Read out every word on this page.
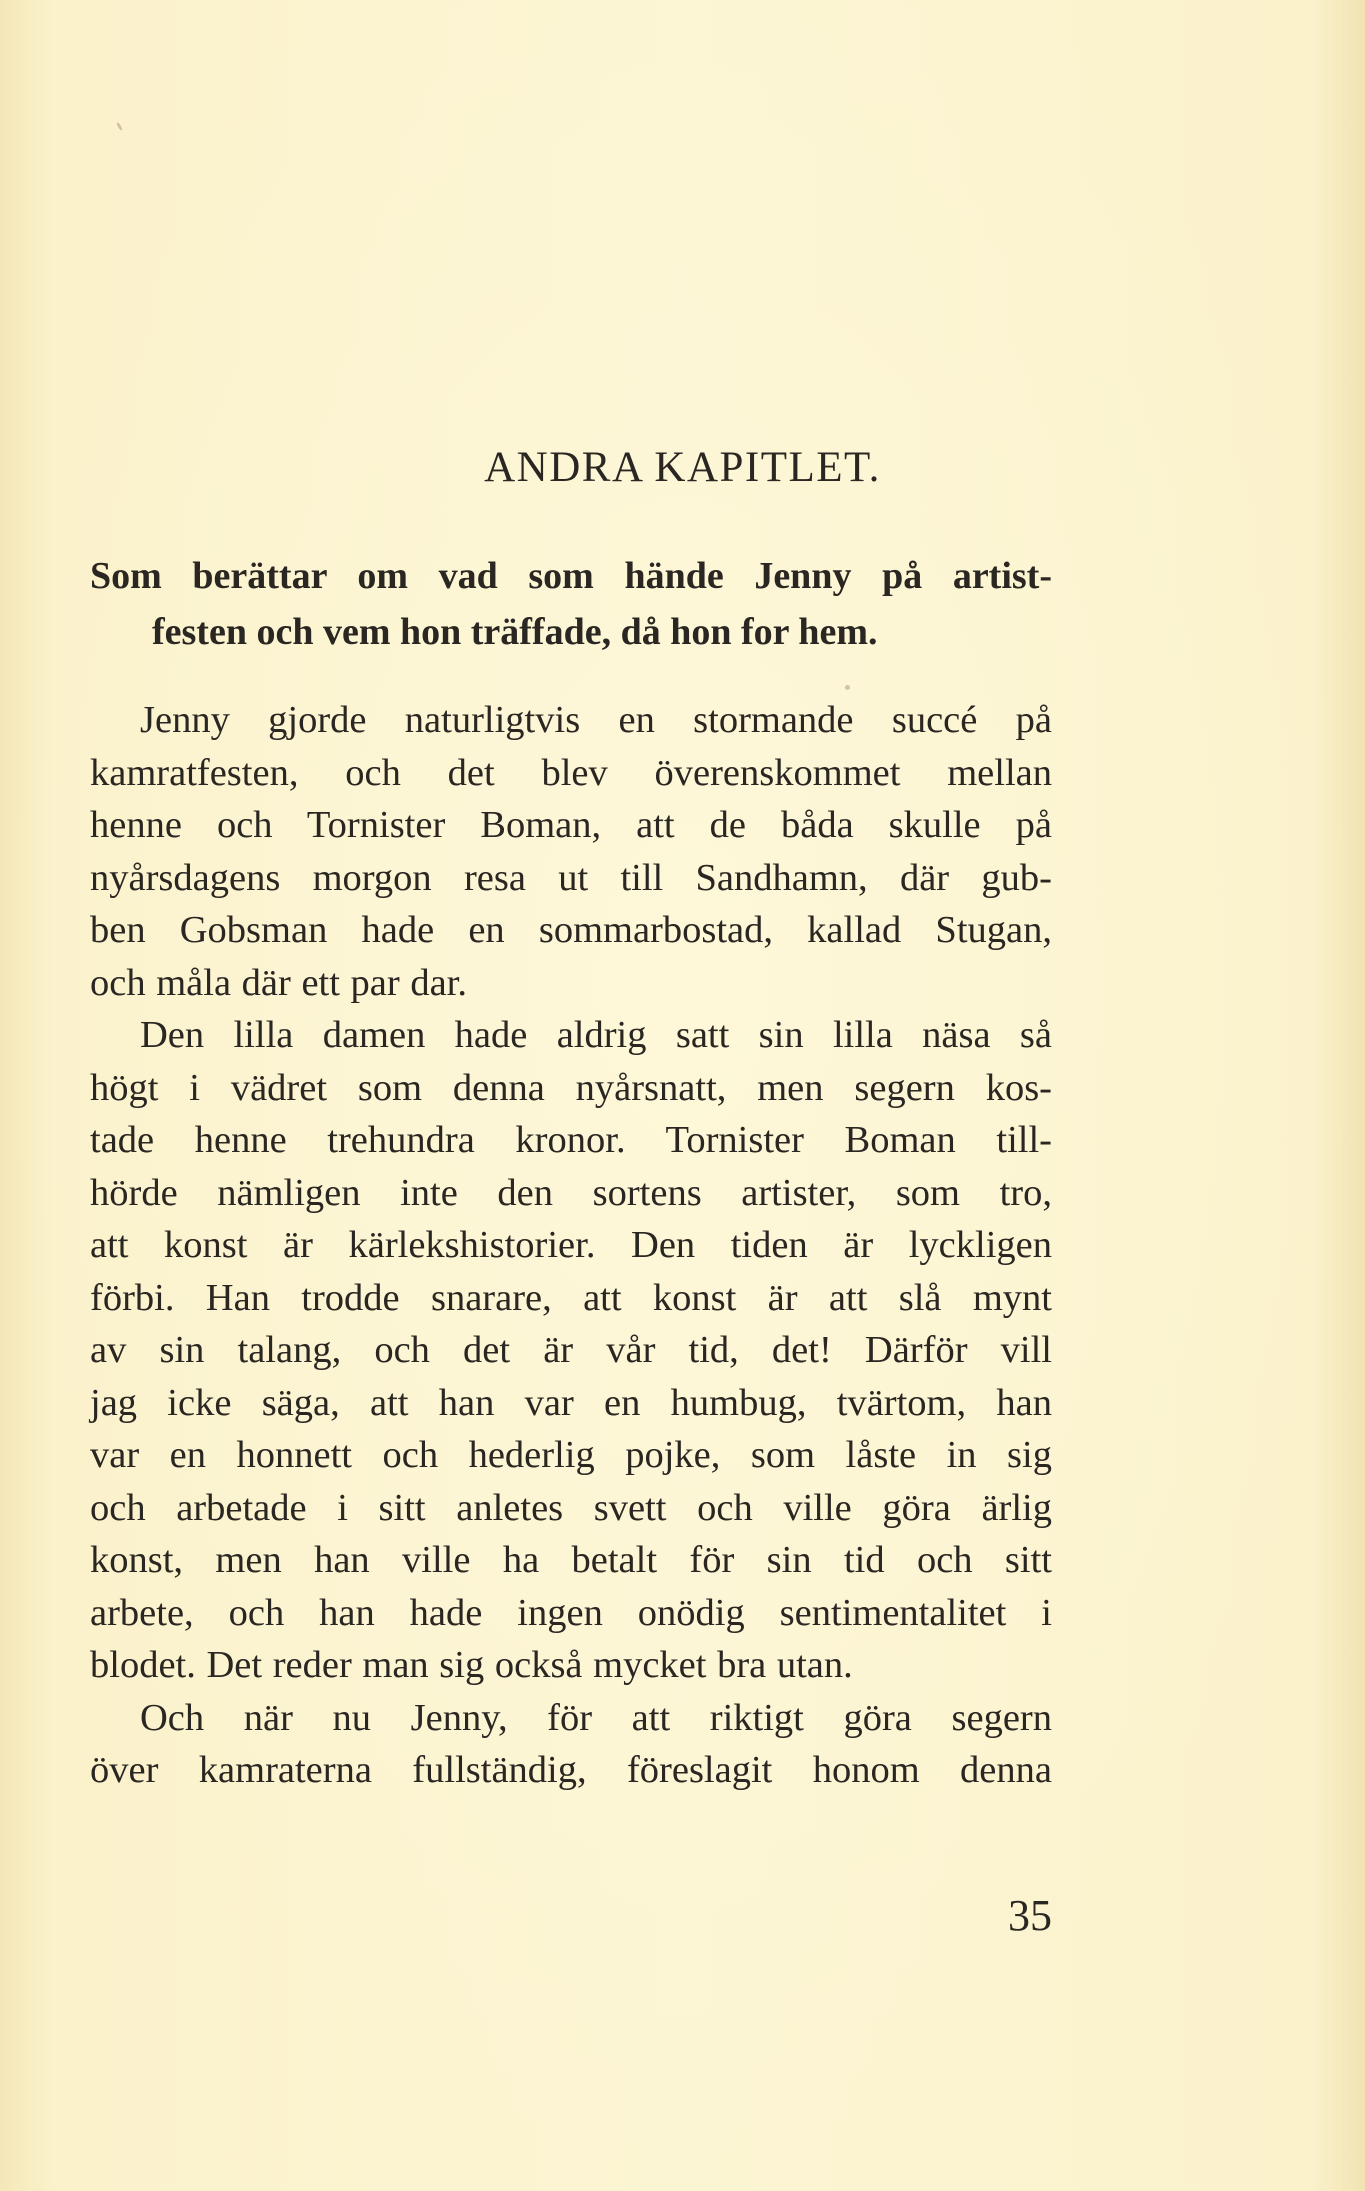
ANDRA KAPITLET.

Som berättar om vad som hände Jenny på artist-
festen och vem hon träffade, då hon for hem.

Jenny gjorde naturligtvis en stormande succé på
kamratfesten, och det blev överenskommet mellan
henne och Tornister Boman, att de båda skulle på
nyårsdagens morgon resa ut till Sandhamn, där gub-
ben Gobsman hade en sommarbostad, kallad Stugan,
och måla där ett par dar.
Den lilla damen hade aldrig satt sin lilla näsa så
högt i vädret som denna nyårsnatt, men segern kos-
tade henne trehundra kronor. Tornister Boman till-
hörde nämligen inte den sortens artister, som tro,
att konst är kärlekshistorier. Den tiden är lyckligen
förbi. Han trodde snarare, att konst är att slå mynt
av sin talang, och det är vår tid, det! Därför vill
jag icke säga, att han var en humbug, tvärtom, han
var en honnett och hederlig pojke, som låste in sig
och arbetade i sitt anletes svett och ville göra ärlig
konst, men han ville ha betalt för sin tid och sitt
arbete, och han hade ingen onödig sentimentalitet i
blodet. Det reder man sig också mycket bra utan.
Och när nu Jenny, för att riktigt göra segern
över kamraterna fullständig, föreslagit honom denna

35
